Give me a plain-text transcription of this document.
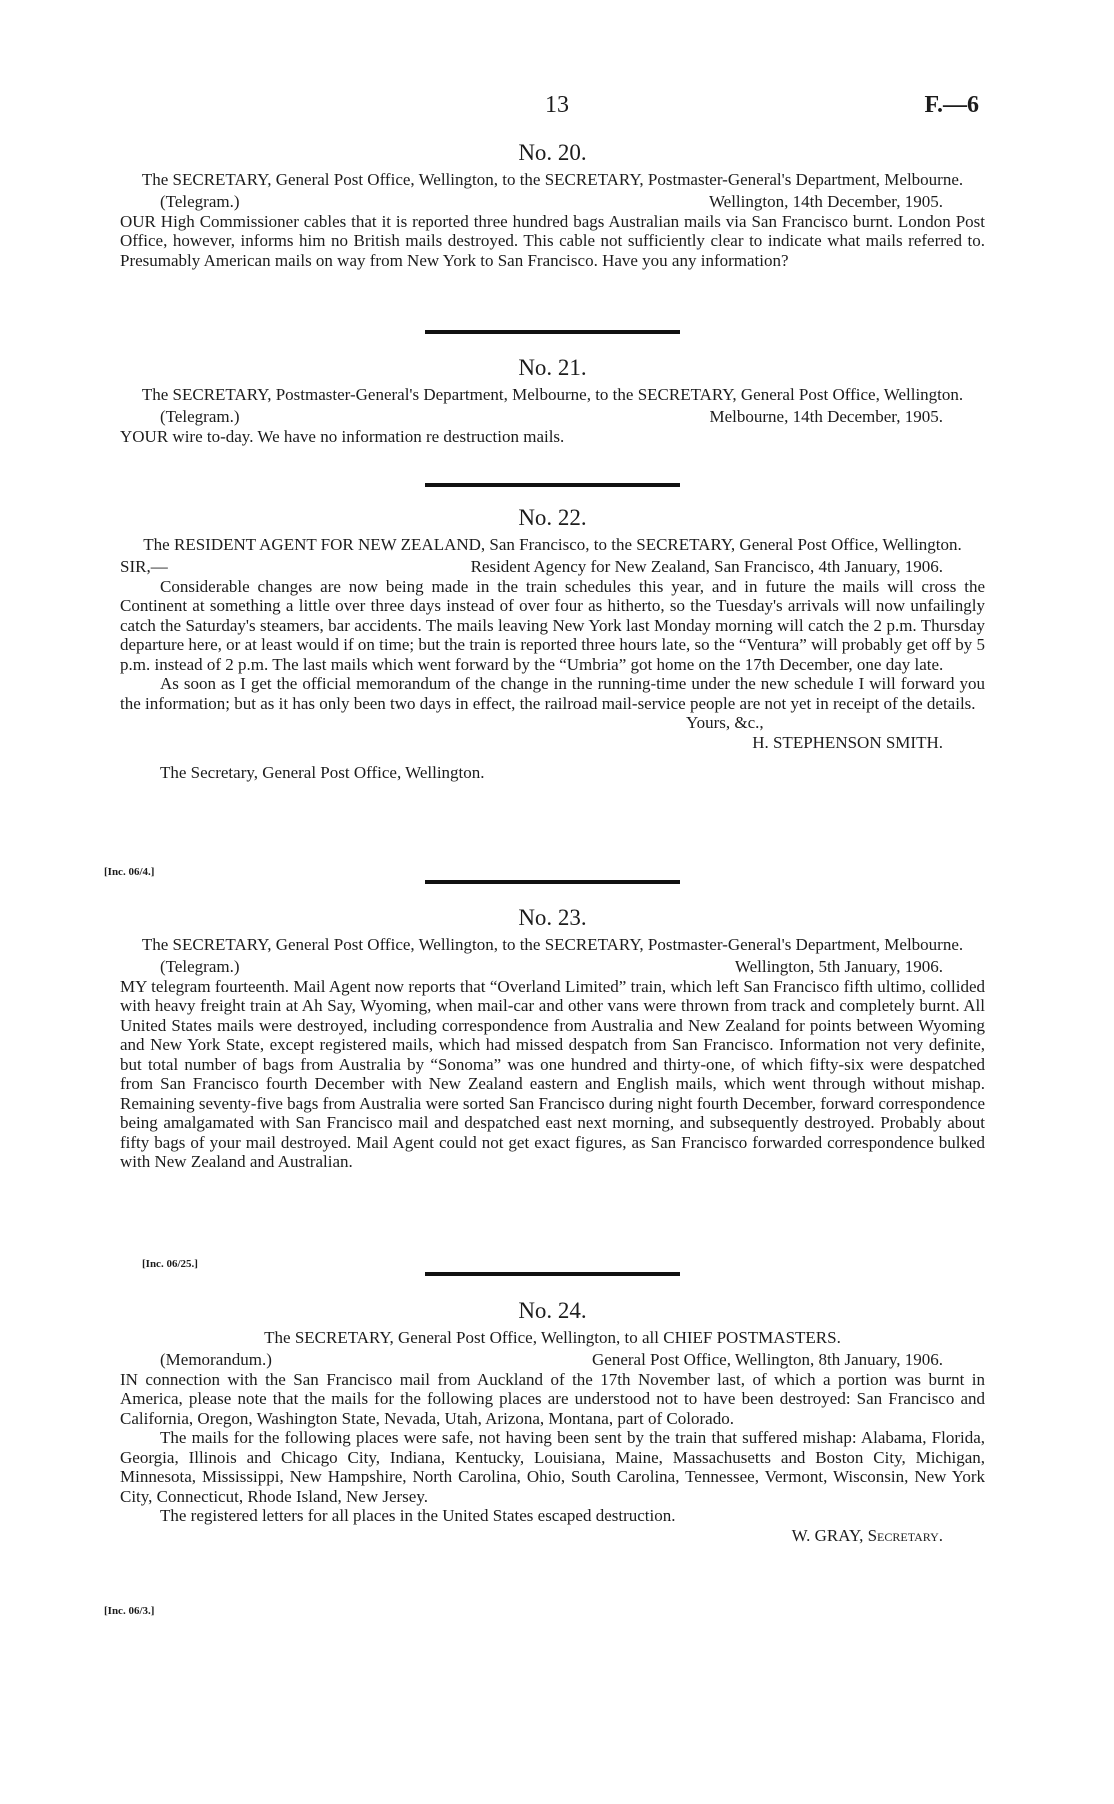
13	F.—6
No. 20.
The SECRETARY, General Post Office, Wellington, to the SECRETARY, Postmaster-General's Department, Melbourne.
(Telegram.)	Wellington, 14th December, 1905.
OUR High Commissioner cables that it is reported three hundred bags Australian mails via San Francisco burnt. London Post Office, however, informs him no British mails destroyed. This cable not sufficiently clear to indicate what mails referred to. Presumably American mails on way from New York to San Francisco. Have you any information?
No. 21.
The SECRETARY, Postmaster-General's Department, Melbourne, to the SECRETARY, General Post Office, Wellington.
(Telegram.)	Melbourne, 14th December, 1905.
YOUR wire to-day. We have no information re destruction mails.
No. 22.
The RESIDENT AGENT FOR NEW ZEALAND, San Francisco, to the SECRETARY, General Post Office, Wellington.
SIR,—	Resident Agency for New Zealand, San Francisco, 4th January, 1906.
Considerable changes are now being made in the train schedules this year, and in future the mails will cross the Continent at something a little over three days instead of over four as hitherto, so the Tuesday's arrivals will now unfailingly catch the Saturday's steamers, bar accidents. The mails leaving New York last Monday morning will catch the 2 p.m. Thursday departure here, or at least would if on time; but the train is reported three hours late, so the “Ventura” will probably get off by 5 p.m. instead of 2 p.m. The last mails which went forward by the “Umbria” got home on the 17th December, one day late.
As soon as I get the official memorandum of the change in the running-time under the new schedule I will forward you the information; but as it has only been two days in effect, the railroad mail-service people are not yet in receipt of the details.
Yours, &c.,
H. STEPHENSON SMITH.
The Secretary, General Post Office, Wellington.
[Inc. 06/4.]
No. 23.
The SECRETARY, General Post Office, Wellington, to the SECRETARY, Postmaster-General's Department, Melbourne.
(Telegram.)	Wellington, 5th January, 1906.
MY telegram fourteenth. Mail Agent now reports that “Overland Limited” train, which left San Francisco fifth ultimo, collided with heavy freight train at Ah Say, Wyoming, when mail-car and other vans were thrown from track and completely burnt. All United States mails were destroyed, including correspondence from Australia and New Zealand for points between Wyoming and New York State, except registered mails, which had missed despatch from San Francisco. Information not very definite, but total number of bags from Australia by “Sonoma” was one hundred and thirty-one, of which fifty-six were despatched from San Francisco fourth December with New Zealand eastern and English mails, which went through without mishap. Remaining seventy-five bags from Australia were sorted San Francisco during night fourth December, forward correspondence being amalgamated with San Francisco mail and despatched east next morning, and subsequently destroyed. Probably about fifty bags of your mail destroyed. Mail Agent could not get exact figures, as San Francisco forwarded correspondence bulked with New Zealand and Australian.
[Inc. 06/25.]
No. 24.
The SECRETARY, General Post Office, Wellington, to all CHIEF POSTMASTERS.
(Memorandum.)	General Post Office, Wellington, 8th January, 1906.
IN connection with the San Francisco mail from Auckland of the 17th November last, of which a portion was burnt in America, please note that the mails for the following places are understood not to have been destroyed: San Francisco and California, Oregon, Washington State, Nevada, Utah, Arizona, Montana, part of Colorado.
The mails for the following places were safe, not having been sent by the train that suffered mishap: Alabama, Florida, Georgia, Illinois and Chicago City, Indiana, Kentucky, Louisiana, Maine, Massachusetts and Boston City, Michigan, Minnesota, Mississippi, New Hampshire, North Carolina, Ohio, South Carolina, Tennessee, Vermont, Wisconsin, New York City, Connecticut, Rhode Island, New Jersey.
The registered letters for all places in the United States escaped destruction.
W. GRAY, Secretary.
[Inc. 06/3.]
